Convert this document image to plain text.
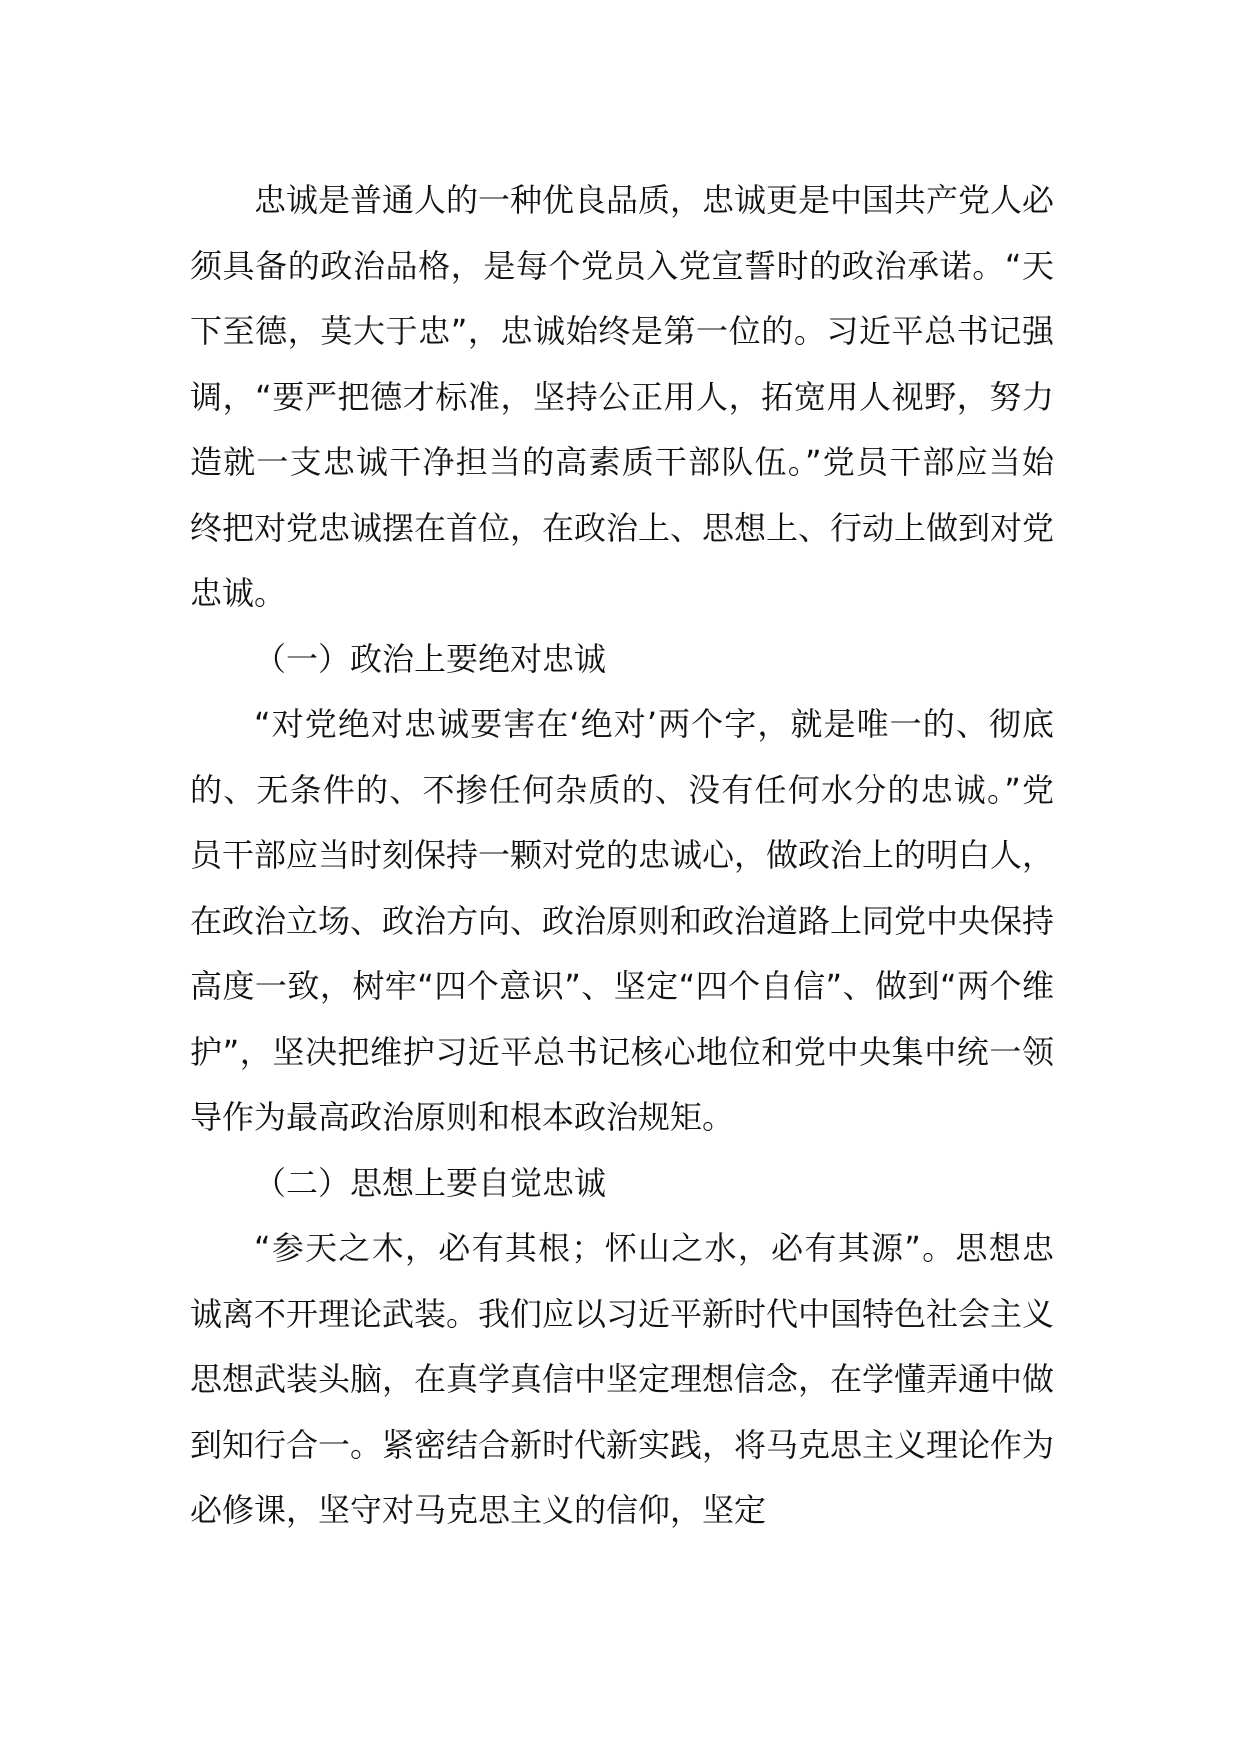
忠诚是普通人的一种优良品质，忠诚更是中国共产党人必须具备的政治品格，是每个党员入党宣誓时的政治承诺。“天下至德，莫大于忠”，忠诚始终是第一位的。习近平总书记强调，“要严把德才标准，坚持公正用人，拓宽用人视野，努力造就一支忠诚干净担当的高素质干部队伍。”党员干部应当始终把对党忠诚摆在首位，在政治上、思想上、行动上做到对党忠诚。

（一）政治上要绝对忠诚

“对党绝对忠诚要害在‘绝对’两个字，就是唯一的、彻底的、无条件的、不掺任何杂质的、没有任何水分的忠诚。”党员干部应当时刻保持一颗对党的忠诚心，做政治上的明白人，在政治立场、政治方向、政治原则和政治道路上同党中央保持高度一致，树牢“四个意识”、坚定“四个自信”、做到“两个维护”，坚决把维护习近平总书记核心地位和党中央集中统一领导作为最高政治原则和根本政治规矩。

（二）思想上要自觉忠诚

“参天之木，必有其根；怀山之水，必有其源”。思想忠诚离不开理论武装。我们应以习近平新时代中国特色社会主义思想武装头脑，在真学真信中坚定理想信念，在学懂弄通中做到知行合一。紧密结合新时代新实践，将马克思主义理论作为必修课，坚守对马克思主义的信仰，坚定
